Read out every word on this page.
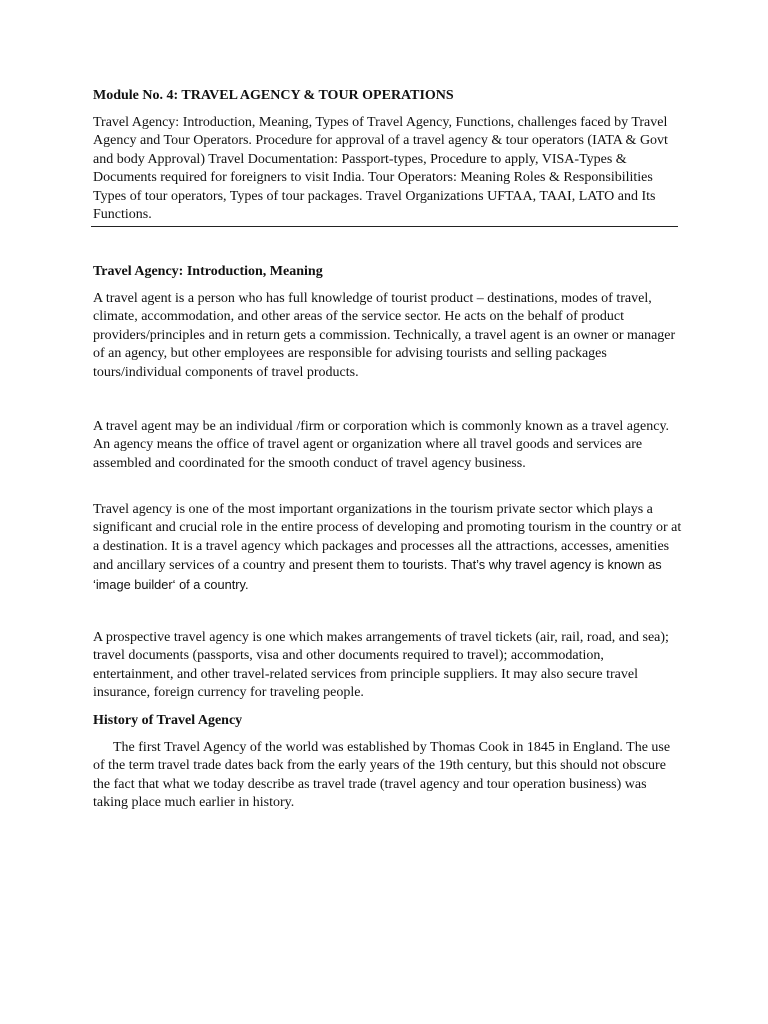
Module No. 4: TRAVEL AGENCY & TOUR OPERATIONS

Travel Agency: Introduction, Meaning, Types of Travel Agency, Functions, challenges faced by Travel Agency and Tour Operators. Procedure for approval of a travel agency & tour operators (IATA & Govt and body Approval) Travel Documentation: Passport-types, Procedure to apply, VISA-Types & Documents required for foreigners to visit India. Tour Operators: Meaning Roles & Responsibilities Types of tour operators, Types of tour packages. Travel Organizations UFTAA, TAAI, LATO and Its Functions.

Travel Agency: Introduction, Meaning

A travel agent is a person who has full knowledge of tourist product – destinations, modes of travel, climate, accommodation, and other areas of the service sector. He acts on the behalf of product providers/principles and in return gets a commission. Technically, a travel agent is an owner or manager of an agency, but other employees are responsible for advising tourists and selling packages tours/individual components of travel products.

A travel agent may be an individual /firm or corporation which is commonly known as a travel agency. An agency means the office of travel agent or organization where all travel goods and services are assembled and coordinated for the smooth conduct of travel agency business.

Travel agency is one of the most important organizations in the tourism private sector which plays a significant and crucial role in the entire process of developing and promoting tourism in the country or at a destination. It is a travel agency which packages and processes all the attractions, accesses, amenities and ancillary services of a country and present them to tourists. That’s why travel agency is known as ‘image builder‘ of a country.

A prospective travel agency is one which makes arrangements of travel tickets (air, rail, road, and sea); travel documents (passports, visa and other documents required to travel); accommodation, entertainment, and other travel-related services from principle suppliers. It may also secure travel insurance, foreign currency for traveling people.

History of Travel Agency

The first Travel Agency of the world was established by Thomas Cook in 1845 in England. The use of the term travel trade dates back from the early years of the 19th century, but this should not obscure the fact that what we today describe as travel trade (travel agency and tour operation business) was taking place much earlier in history.
